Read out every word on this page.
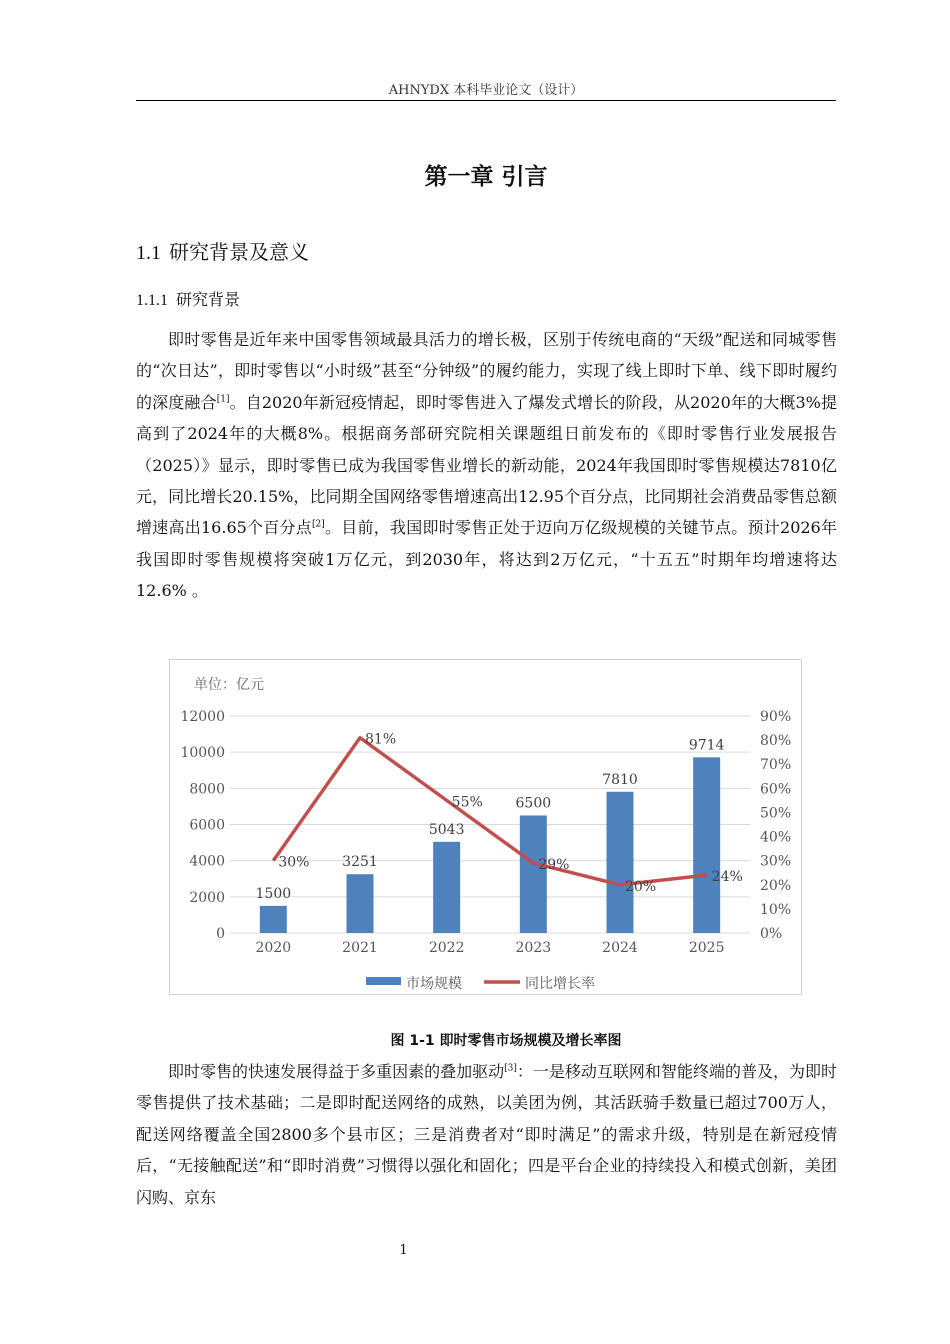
AHNYDX 本科毕业论文（设计）
第一章 引言
1.1 研究背景及意义
1.1.1 研究背景

即时零售是近年来中国零售领域最具活力的增长极，区别于传统电商的“天级”配送和同城零售的“次日达”，即时零售以“小时级”甚至“分钟级”的履约能力，实现了线上即时下单、线下即时履约的深度融合[1]。自2020年新冠疫情起，即时零售进入了爆发式增长的阶段，从2020年的大概3%提高到了2024年的大概8%。根据商务部研究院相关课题组日前发布的《即时零售行业发展报告（2025）》显示，即时零售已成为我国零售业增长的新动能，2024年我国即时零售规模达7810亿元，同比增长20.15%，比同期全国网络零售增速高出12.95个百分点，比同期社会消费品零售总额增速高出16.65个百分点[2]。目前，我国即时零售正处于迈向万亿级规模的关键节点。预计2026年我国即时零售规模将突破1万亿元，到2030年，将达到2万亿元，“十五五”时期年均增速将达12.6% 。

单位：亿元
0
2000
4000
6000
8000
10000
12000
0%
10%
20%
30%
40%
50%
60%
70%
80%
90%
2020	2021	2022	2023	2024	2025
1500
3251
5043
6500
7810
9714
30%
81%
55%
29%
20%
24%
市场规模	同比增长率
图 1-1 即时零售市场规模及增长率图

即时零售的快速发展得益于多重因素的叠加驱动[3]：一是移动互联网和智能终端的普及，为即时零售提供了技术基础；二是即时配送网络的成熟，以美团为例，其活跃骑手数量已超过700万人，配送网络覆盖全国2800多个县市区；三是消费者对“即时满足”的需求升级，特别是在新冠疫情后，“无接触配送”和“即时消费”习惯得以强化和固化；四是平台企业的持续投入和模式创新，美团闪购、京东

1
